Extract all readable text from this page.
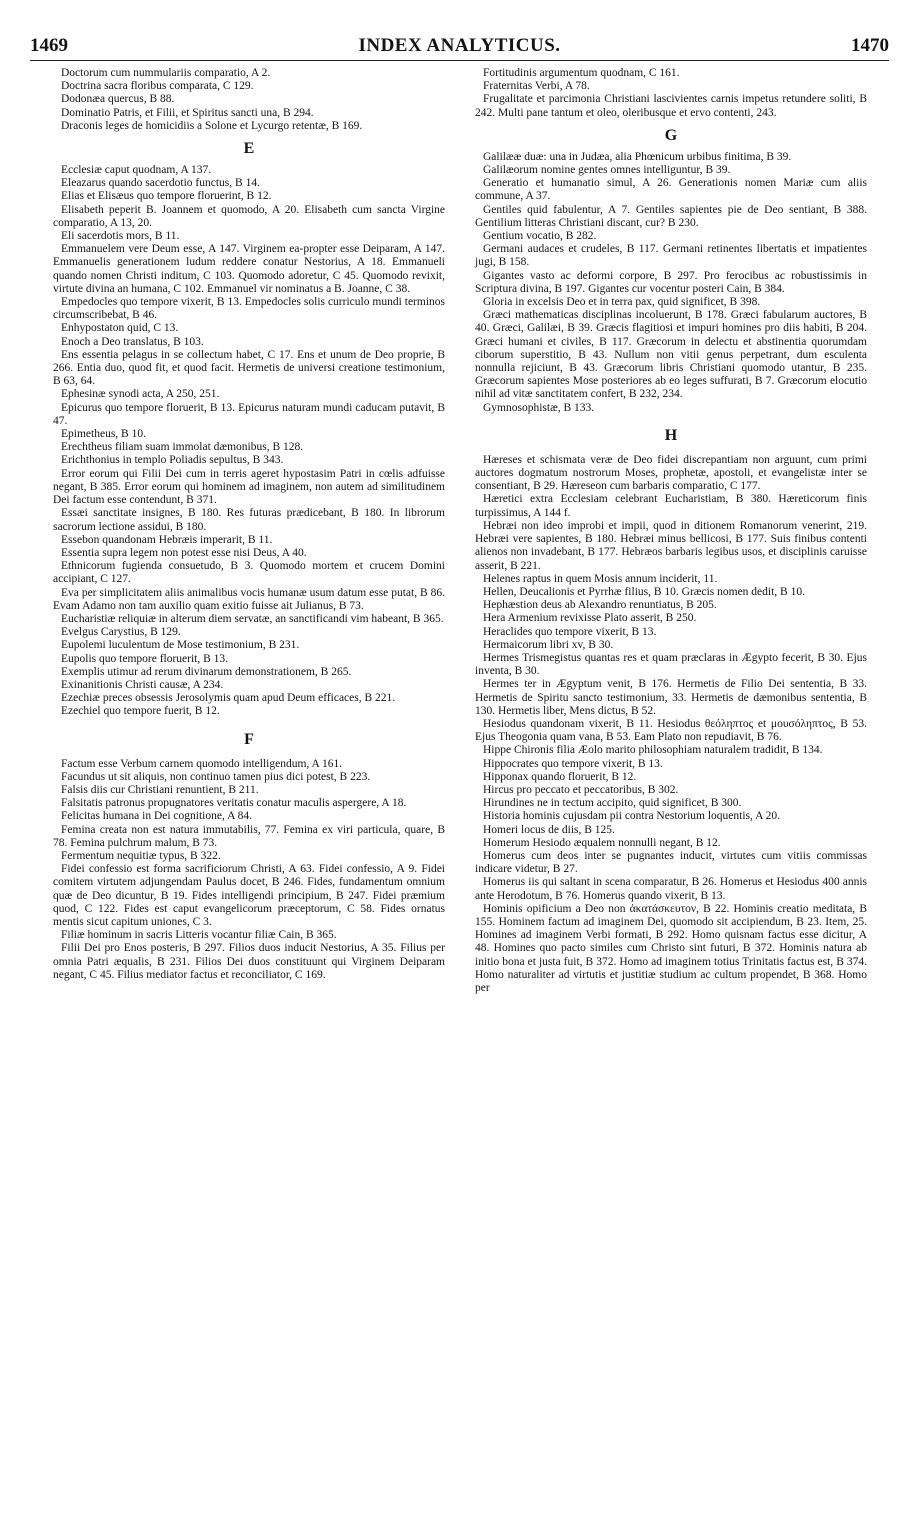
1469	INDEX ANALYTICUS.	1470

Doctorum cum nummulariis comparatio, A 2.

Doctrina sacra floribus comparata, C 129.

Dodonæa quercus, B 88.

Dominatio Patris, et Filii, et Spiritus sancti una, B 294.

Draconis leges de homicidiis a Solone et Lycurgo retentæ, B 169.

E

Ecclesiæ caput quodnam, A 137.

Eleazarus quando sacerdotio functus, B 14.

Elias et Elisæus quo tempore floruerint, B 12.

Elisabeth peperit B. Joannem et quomodo, A 20. Elisabeth cum sancta Virgine comparatio, A 13, 20.

Eli sacerdotis mors, B 11.

Emmanuelem vere Deum esse, A 147. Virginem ea-propter esse Deiparam, A 147. Emmanuelis generationem ludum reddere conatur Nestorius, A 18. Emmanueli quando nomen Christi inditum, C 103. Quomodo adoretur, C 45. Quomodo revixit, virtute divina an humana, C 102. Emmanuel vir nominatus a B. Joanne, C 38.

Empedocles quo tempore vixerit, B 13. Empedocles solis curriculo mundi terminos circumscribebat, B 46.

Enhypostaton quid, C 13.

Enoch a Deo translatus, B 103.

Ens essentia pelagus in se collectum habet, C 17. Ens et unum de Deo proprie, B 266. Entia duo, quod fit, et quod facit. Hermetis de universi creatione testimonium, B 63, 64.

Ephesinæ synodi acta, A 250, 251.

Epicurus quo tempore floruerit, B 13. Epicurus naturam mundi caducam putavit, B 47.

Epimetheus, B 10.

Erechtheus filiam suam immolat dæmonibus, B 128.

Erichthonius in templo Poliadis sepultus, B 343.

Error eorum qui Filii Dei cum in terris ageret hypostasim Patri in cœlis adfuisse negant, B 385. Error eorum qui hominem ad imaginem, non autem ad similitudinem Dei factum esse contendunt, B 371.

Essæi sanctitate insignes, B 180. Res futuras prædicebant, B 180. In librorum sacrorum lectione assidui, B 180.

Essebon quandonam Hebræis imperarit, B 11.

Essentia supra legem non potest esse nisi Deus, A 40.

Ethnicorum fugienda consuetudo, B 3. Quomodo mortem et crucem Domini accipiant, C 127.

Eva per simplicitatem aliis animalibus vocis humanæ usum datum esse putat, B 86. Evam Adamo non tam auxilio quam exitio fuisse ait Julianus, B 73.

Eucharistiæ reliquiæ in alterum diem servatæ, an sanctificandi vim habeant, B 365.

Evelgus Carystius, B 129.

Eupolemi luculentum de Mose testimonium, B 231.

Eupolis quo tempore floruerit, B 13.

Exemplis utimur ad rerum divinarum demonstrationem, B 265.

Exinanitionis Christi causæ, A 234.

Ezechiæ preces obsessis Jerosolymis quam apud Deum efficaces, B 221.

Ezechiel quo tempore fuerit, B 12.

F

Factum esse Verbum carnem quomodo intelligendum, A 161.

Facundus ut sit aliquis, non continuo tamen pius dici potest, B 223.

Falsis diis cur Christiani renuntient, B 211.

Falsitatis patronus propugnatores veritatis conatur maculis aspergere, A 18.

Felicitas humana in Dei cognitione, A 84.

Femina creata non est natura immutabilis, 77. Femina ex viri particula, quare, B 78. Femina pulchrum malum, B 73.

Fermentum nequitiæ typus, B 322.

Fidei confessio est forma sacrificiorum Christi, A 63. Fidei confessio, A 9. Fidei comitem virtutem adjungendam Paulus docet, B 246. Fides, fundamentum omnium quæ de Deo dicuntur, B 19. Fides intelligendi principium, B 247. Fidei præmium quod, C 122. Fides est caput evangelicorum præceptorum, C 58. Fides ornatus mentis sicut capitum uniones, C 3.

Filiæ hominum in sacris Litteris vocantur filiæ Cain, B 365.

Filii Dei pro Enos posteris, B 297. Filios duos inducit Nestorius, A 35. Filius per omnia Patri æqualis, B 231. Filios Dei duos constituunt qui Virginem Deiparam negant, C 45. Filius mediator factus et reconciliator, C 169.

Fortitudinis argumentum quodnam, C 161.

Fraternitas Verbi, A 78.

Frugalitate et parcimonia Christiani lascivientes carnis impetus retundere soliti, B 242. Multi pane tantum et oleo, oleribusque et ervo contenti, 243.

G

Galilææ duæ: una in Judæa, alia Phœnicum urbibus finitima, B 39.

Galilæorum nomine gentes omnes intelliguntur, B 39.

Generatio et humanatio simul, A 26. Generationis nomen Mariæ cum aliis commune, A 37.

Gentiles quid fabulentur, A 7. Gentiles sapientes pie de Deo sentiant, B 388. Gentilium litteras Christiani discant, cur? B 230.

Gentium vocatio, B 282.

Germani audaces et crudeles, B 117. Germani retinentes libertatis et impatientes jugi, B 158.

Gigantes vasto ac deformi corpore, B 297. Pro ferocibus ac robustissimis in Scriptura divina, B 197. Gigantes cur vocentur posteri Cain, B 384.

Gloria in excelsis Deo et in terra pax, quid significet, B 398.

Græci mathematicas disciplinas incoluerunt, B 178. Græci fabularum auctores, B 40. Græci, Galilæi, B 39. Græcis flagitiosi et impuri homines pro diis habiti, B 204. Græci humani et civiles, B 117. Græcorum in delectu et abstinentia quorumdam ciborum superstitio, B 43. Nullum non vitii genus perpetrant, dum esculenta nonnulla rejiciunt, B 43. Græcorum libris Christiani quomodo utantur, B 235. Græcorum sapientes Mose posteriores ab eo leges suffurati, B 7. Græcorum elocutio nihil ad vitæ sanctitatem confert, B 232, 234.

Gymnosophistæ, B 133.

H

Hæreses et schismata veræ de Deo fidei discrepantiam non arguunt, cum primi auctores dogmatum nostrorum Moses, prophetæ, apostoli, et evangelistæ inter se consentiant, B 29. Hæreseon cum barbaris comparatio, C 177.

Hæretici extra Ecclesiam celebrant Eucharistiam, B 380. Hæreticorum finis turpissimus, A 144 f.

Hebræi non ideo improbi et impii, quod in ditionem Romanorum venerint, 219. Hebræi vere sapientes, B 180. Hebræi minus bellicosi, B 177. Suis finibus contenti alienos non invadebant, B 177. Hebræos barbaris legibus usos, et disciplinis caruisse asserit, B 221.

Helenes raptus in quem Mosis annum inciderit, 11.

Hellen, Deucalionis et Pyrrhæ filius, B 10. Græcis nomen dedit, B 10.

Hephæstion deus ab Alexandro renuntiatus, B 205.

Hera Armenium revixisse Plato asserit, B 250.

Heraclides quo tempore vixerit, B 13.

Hermaicorum libri xv, B 30.

Hermes Trismegistus quantas res et quam præclaras in Ægypto fecerit, B 30. Ejus inventa, B 30.

Hermes ter in Ægyptum venit, B 176. Hermetis de Filio Dei sententia, B 33. Hermetis de Spiritu sancto testimonium, 33. Hermetis de dæmonibus sententia, B 130. Hermetis liber, Mens dictus, B 52.

Hesiodus quandonam vixerit, B 11. Hesiodus θεόληπτος et μουσόληπτος, B 53. Ejus Theogonia quam vana, B 53. Eam Plato non repudiavit, B 76.

Hippe Chironis filia Æolo marito philosophiam naturalem tradidit, B 134.

Hippocrates quo tempore vixerit, B 13.

Hipponax quando floruerit, B 12.

Hircus pro peccato et peccatoribus, B 302.

Hirundines ne in tectum accipito, quid significet, B 300.

Historia hominis cujusdam pii contra Nestorium loquentis, A 20.

Homeri locus de diis, B 125.

Homerum Hesiodo æqualem nonnulli negant, B 12.

Homerus cum deos inter se pugnantes inducit, virtutes cum vitiis commissas indicare videtur, B 27.

Homerus iis qui saltant in scena comparatur, B 26. Homerus et Hesiodus 400 annis ante Herodotum, B 76. Homerus quando vixerit, B 13.

Hominis opificium a Deo non ἀκατάσκευτον, B 22. Hominis creatio meditata, B 155. Hominem factum ad imaginem Dei, quomodo sit accipiendum, B 23. Item, 25. Homines ad imaginem Verbi formati, B 292. Homo quisnam factus esse dicitur, A 48. Homines quo pacto similes cum Christo sint futuri, B 372. Hominis natura ab initio bona et justa fuit, B 372. Homo ad imaginem totius Trinitatis factus est, B 374. Homo naturaliter ad virtutis et justitiæ studium ac cultum propendet, B 368. Homo per
